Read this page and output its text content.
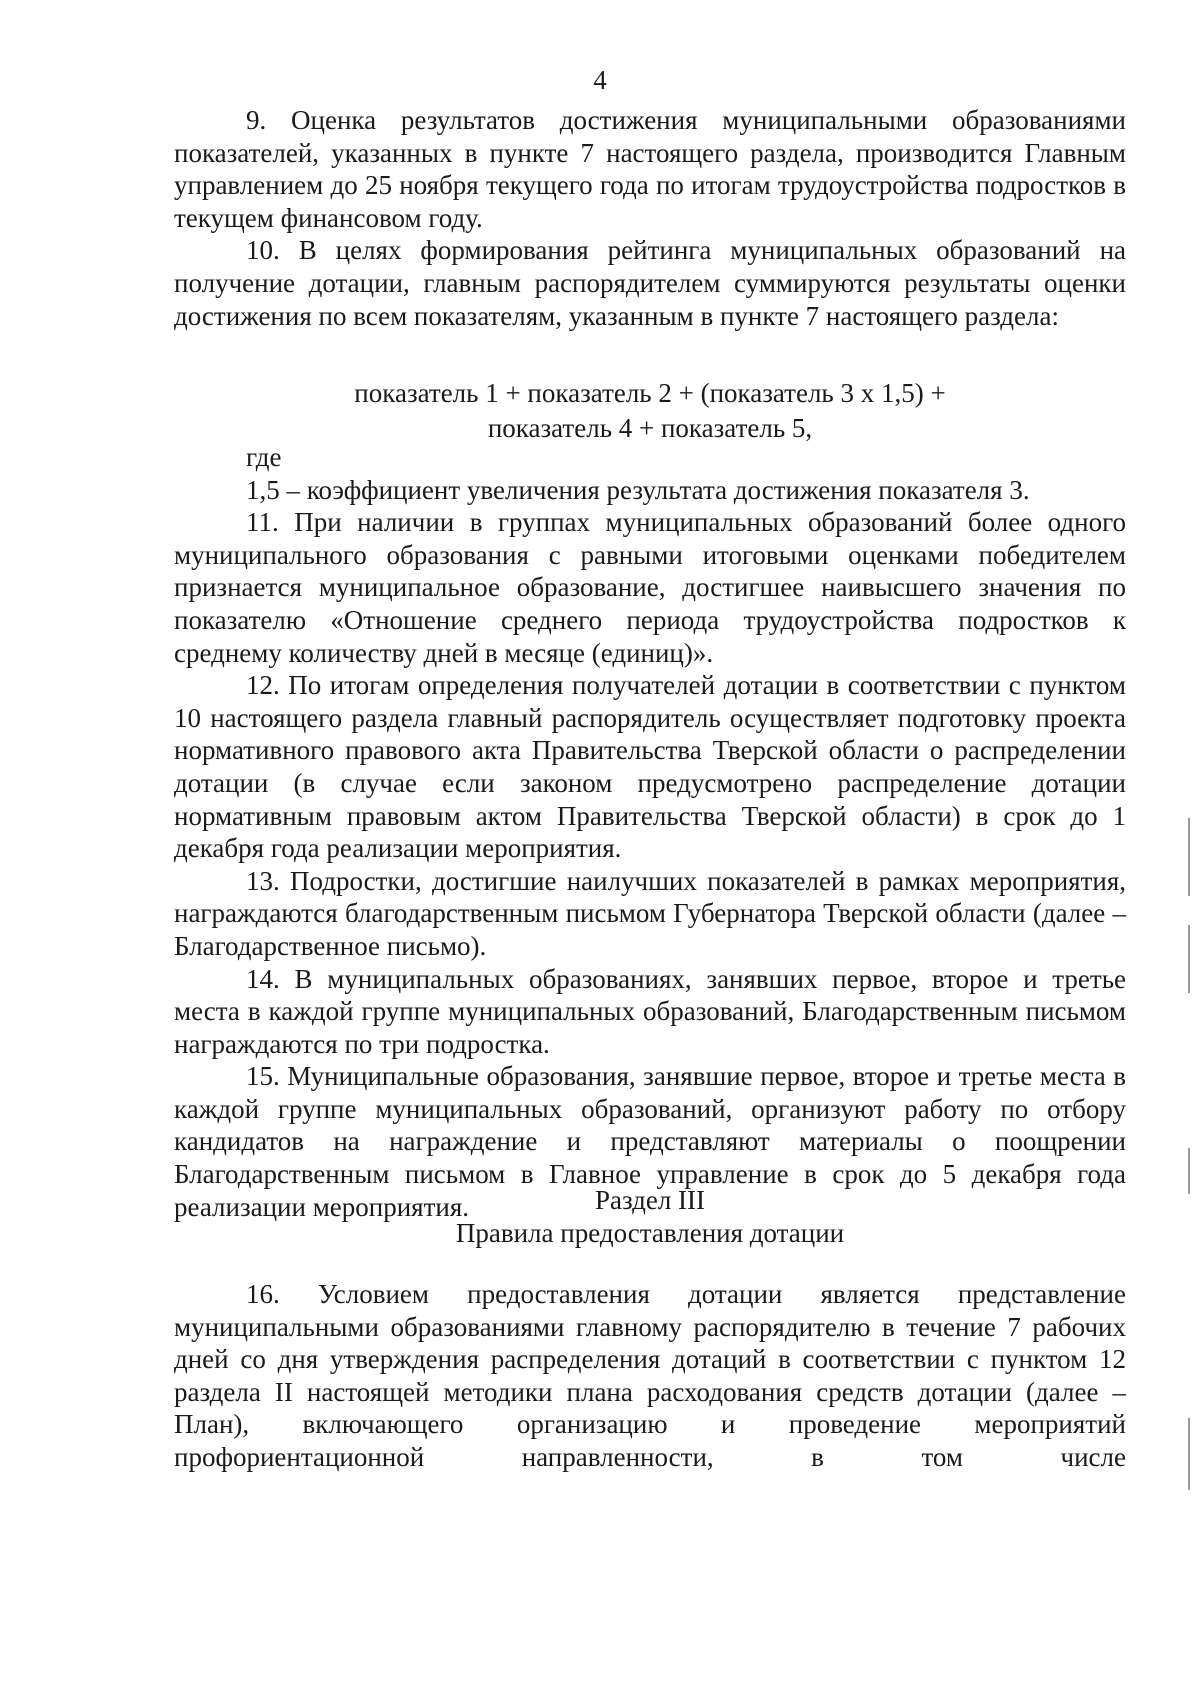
4

9. Оценка результатов достижения муниципальными образованиями показателей, указанных в пункте 7 настоящего раздела, производится Главным управлением до 25 ноября текущего года по итогам трудоустройства подростков в текущем финансовом году.

10. В целях формирования рейтинга муниципальных образований на получение дотации, главным распорядителем суммируются результаты оценки достижения по всем показателям, указанным в пункте 7 настоящего раздела:

показатель 1 + показатель 2 + (показатель 3 х 1,5) +
показатель 4 + показатель 5,

где

1,5 – коэффициент увеличения результата достижения показателя 3.

11. При наличии в группах муниципальных образований более одного муниципального образования с равными итоговыми оценками победителем признается муниципальное образование, достигшее наивысшего значения по показателю «Отношение среднего периода трудоустройства подростков к среднему количеству дней в месяце (единиц)».

12. По итогам определения получателей дотации в соответствии с пунктом 10 настоящего раздела главный распорядитель осуществляет подготовку проекта нормативного правового акта Правительства Тверской области о распределении дотации (в случае если законом предусмотрено распределение дотации нормативным правовым актом Правительства Тверской области) в срок до 1 декабря года реализации мероприятия.

13. Подростки, достигшие наилучших показателей в рамках мероприятия, награждаются благодарственным письмом Губернатора Тверской области (далее – Благодарственное письмо).

14. В муниципальных образованиях, занявших первое, второе и третье места в каждой группе муниципальных образований, Благодарственным письмом награждаются по три подростка.

15. Муниципальные образования, занявшие первое, второе и третье места в каждой группе муниципальных образований, организуют работу по отбору кандидатов на награждение и представляют материалы о поощрении Благодарственным письмом в Главное управление в срок до 5 декабря года реализации мероприятия.	Раздел III
Правила предоставления дотации

16. Условием предоставления дотации является представление муниципальными образованиями главному распорядителю в течение 7 рабочих дней со дня утверждения распределения дотаций в соответствии с пунктом 12 раздела II настоящей методики плана расходования средств дотации (далее – План), включающего организацию и проведение мероприятий профориентационной направленности, в том числе
